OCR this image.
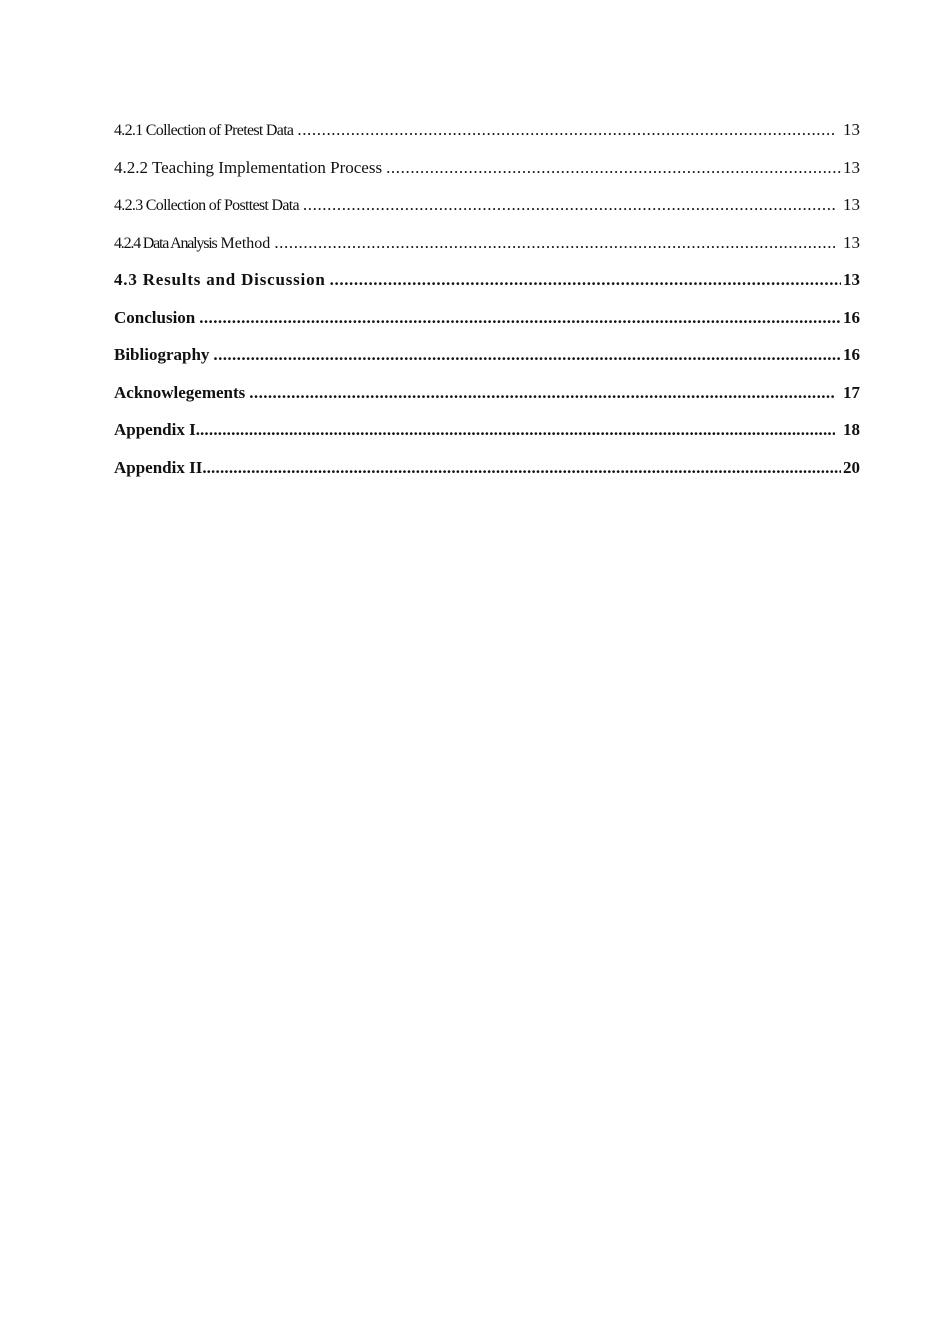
4.2.1 Collection of Pretest Data .....	13
4.2.2 Teaching Implementation Process .....	13
4.2.3 Collection of Posttest Data .....	13
4.2.4 Data Analysis Method .....	13
4.3 Results and Discussion .....	13
Conclusion .....	16
Bibliography .....	16
Acknowlegements .....	17
Appendix I. .....	18
Appendix II. .....	20
